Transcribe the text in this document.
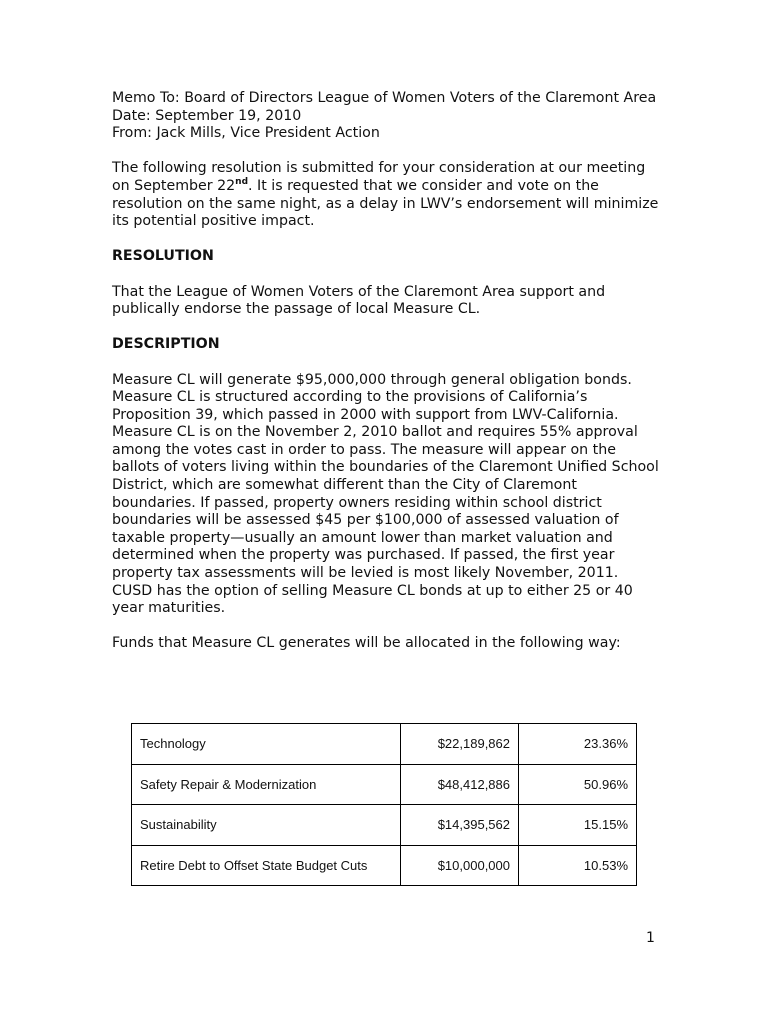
Memo To: Board of Directors League of Women Voters of the Claremont Area
Date: September 19, 2010
From: Jack Mills, Vice President Action

The following resolution is submitted for your consideration at our meeting on September 22nd. It is requested that we consider and vote on the resolution on the same night, as a delay in LWV’s endorsement will minimize its potential positive impact.

RESOLUTION

That the League of Women Voters of the Claremont Area support and publically endorse the passage of local Measure CL.

DESCRIPTION

Measure CL will generate $95,000,000 through general obligation bonds. Measure CL is structured according to the provisions of California’s Proposition 39, which passed in 2000 with support from LWV-California. Measure CL is on the November 2, 2010 ballot and requires 55% approval among the votes cast in order to pass. The measure will appear on the ballots of voters living within the boundaries of the Claremont Unified School District, which are somewhat different than the City of Claremont boundaries. If passed, property owners residing within school district boundaries will be assessed $45 per $100,000 of assessed valuation of taxable property—usually an amount lower than market valuation and determined when the property was purchased. If passed, the first year property tax assessments will be levied is most likely November, 2011. CUSD has the option of selling Measure CL bonds at up to either 25 or 40 year maturities.

Funds that Measure CL generates will be allocated in the following way:

Technology	$22,189,862	23.36%
Safety Repair & Modernization	$48,412,886	50.96%
Sustainability	$14,395,562	15.15%
Retire Debt to Offset State Budget Cuts	$10,000,000	10.53%
1
